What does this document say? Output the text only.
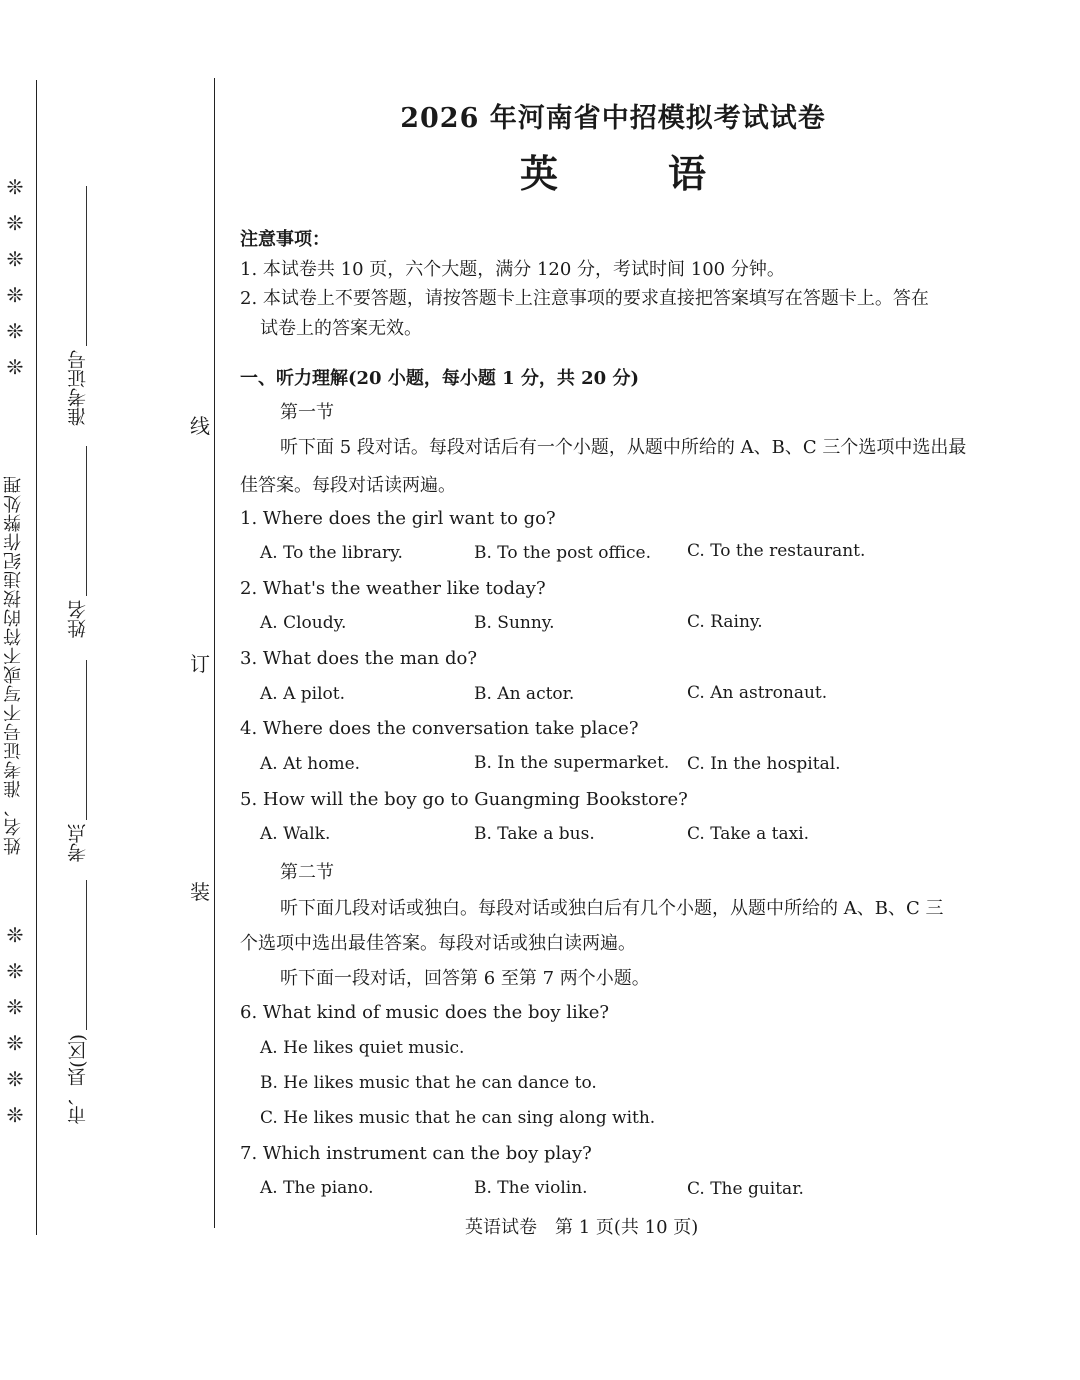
❊
❊
❊
❊
❊
❊
姓名、准考证号不写或不符的按违纪作弊处理
❊
❊
❊
❊
❊
❊
准考证号
姓名
考点
市、县(区)
线
订
装
2026 年河南省中招模拟考试试卷
英语
注意事项：
1. 本试卷共 10 页，六个大题，满分 120 分，考试时间 100 分钟。
2. 本试卷上不要答题，请按答题卡上注意事项的要求直接把答案填写在答题卡上。答在
试卷上的答案无效。
一、听力理解(20 小题，每小题 1 分，共 20 分)
第一节
听下面 5 段对话。每段对话后有一个小题，从题中所给的 A、B、C 三个选项中选出最
佳答案。每段对话读两遍。
1. Where does the girl want to go?
A. To the library.	B. To the post office. C. To the restaurant.
2. What's the weather like today?
A. Cloudy.	B. Sunny.	C. Rainy.
3. What does the man do?
A. A pilot.	B. An actor.	C. An astronaut.
4. Where does the conversation take place?
A. At home.	B. In the supermarket. C. In the hospital.
5. How will the boy go to Guangming Bookstore?
A. Walk.	B. Take a bus.	C. Take a taxi.
第二节
听下面几段对话或独白。每段对话或独白后有几个小题，从题中所给的 A、B、C 三
个选项中选出最佳答案。每段对话或独白读两遍。
听下面一段对话，回答第 6 至第 7 两个小题。
6. What kind of music does the boy like?
A. He likes quiet music.
B. He likes music that he can dance to.
C. He likes music that he can sing along with.
7. Which instrument can the boy play?
A. The piano.	B. The violin.	C. The guitar.
英语试卷　第 1 页(共 10 页)
